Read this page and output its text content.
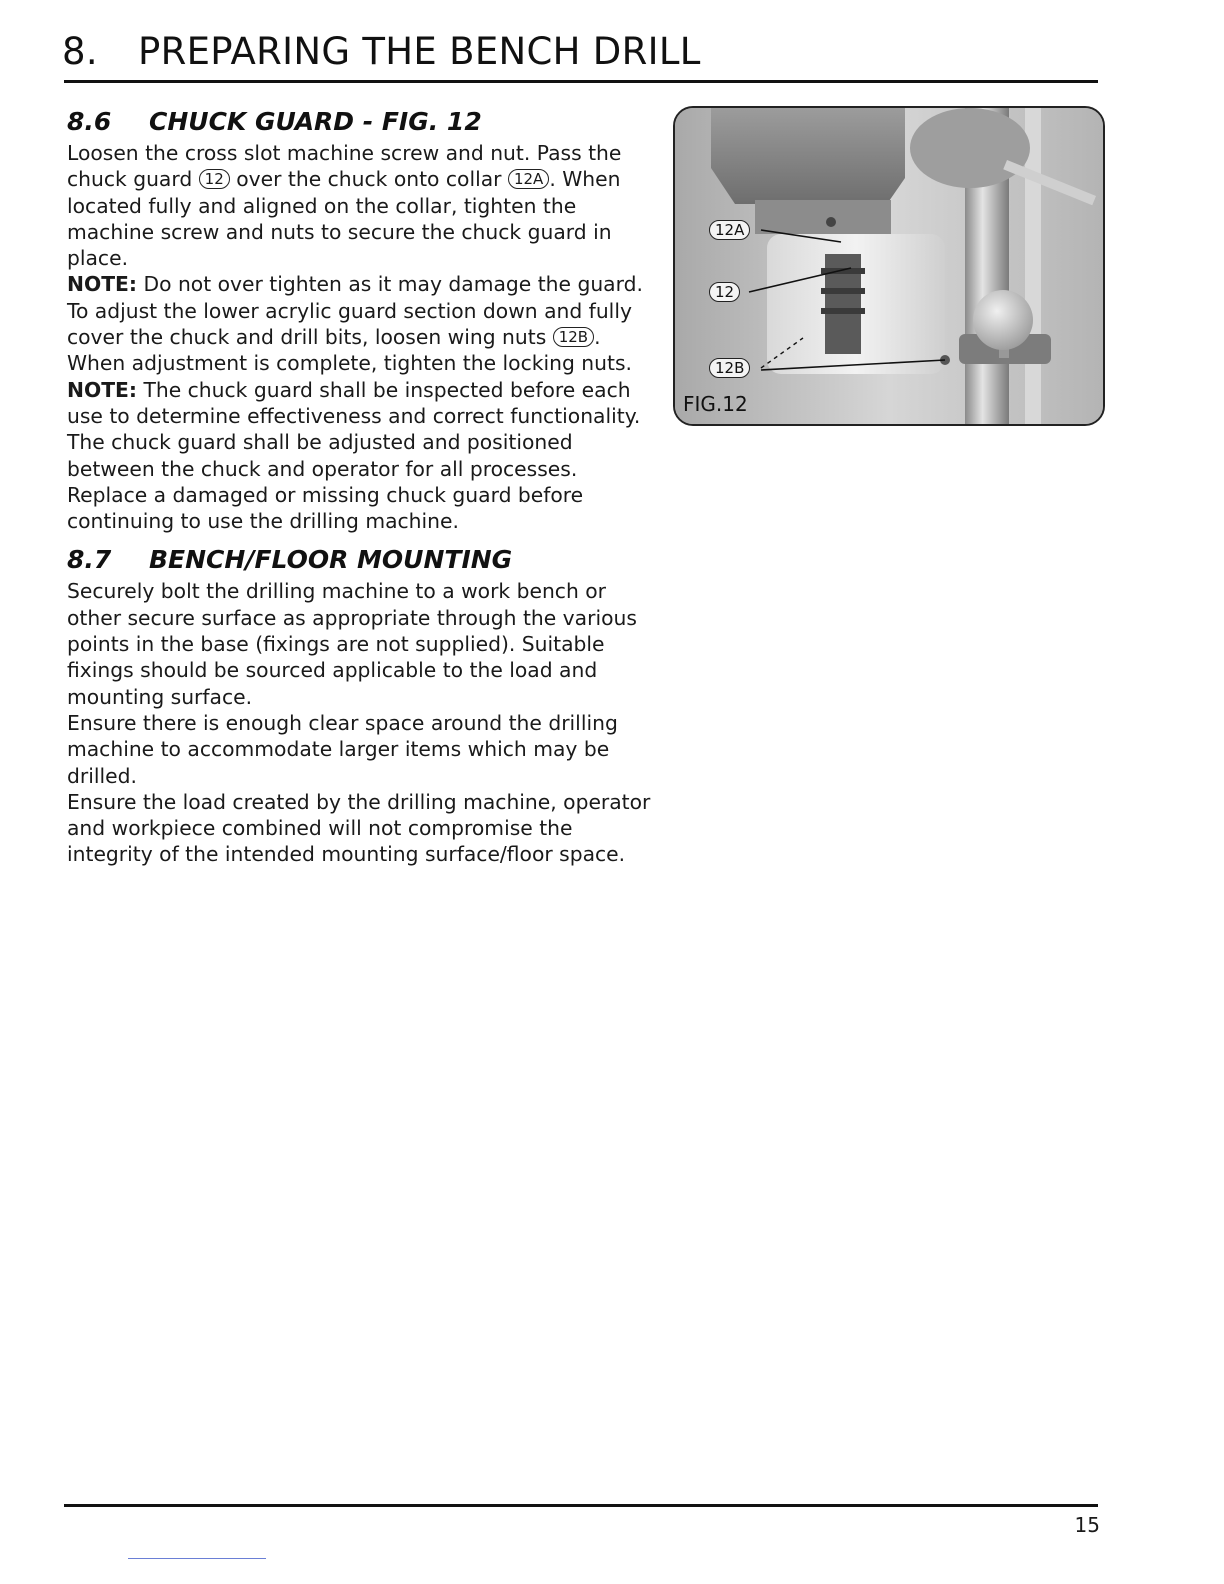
8. PREPARING THE BENCH DRILL
8.6 CHUCK GUARD - FIG. 12

Loosen the cross slot machine screw and nut. Pass the chuck guard 12 over the chuck onto collar 12A . When located fully and aligned on the collar, tighten the machine screw and nuts to secure the chuck guard in place.

NOTE: Do not over tighten as it may damage the guard.

To adjust the lower acrylic guard section down and fully cover the chuck and drill bits, loosen wing nuts 12B .

When adjustment is complete, tighten the locking nuts.

NOTE: The chuck guard shall be inspected before each use to determine effectiveness and correct functionality.

The chuck guard shall be adjusted and positioned between the chuck and operator for all processes.

Replace a damaged or missing chuck guard before continuing to use the drilling machine.

8.7 BENCH/FLOOR MOUNTING

Securely bolt the drilling machine to a work bench or other secure surface as appropriate through the various points in the base (fixings are not supplied). Suitable fixings should be sourced applicable to the load and mounting surface.

Ensure there is enough clear space around the drilling machine to accommodate larger items which may be drilled.

Ensure the load created by the drilling machine, operator and workpiece combined will not compromise the integrity of the intended mounting surface/floor space.

12A
12
12B
FIG.12
15
